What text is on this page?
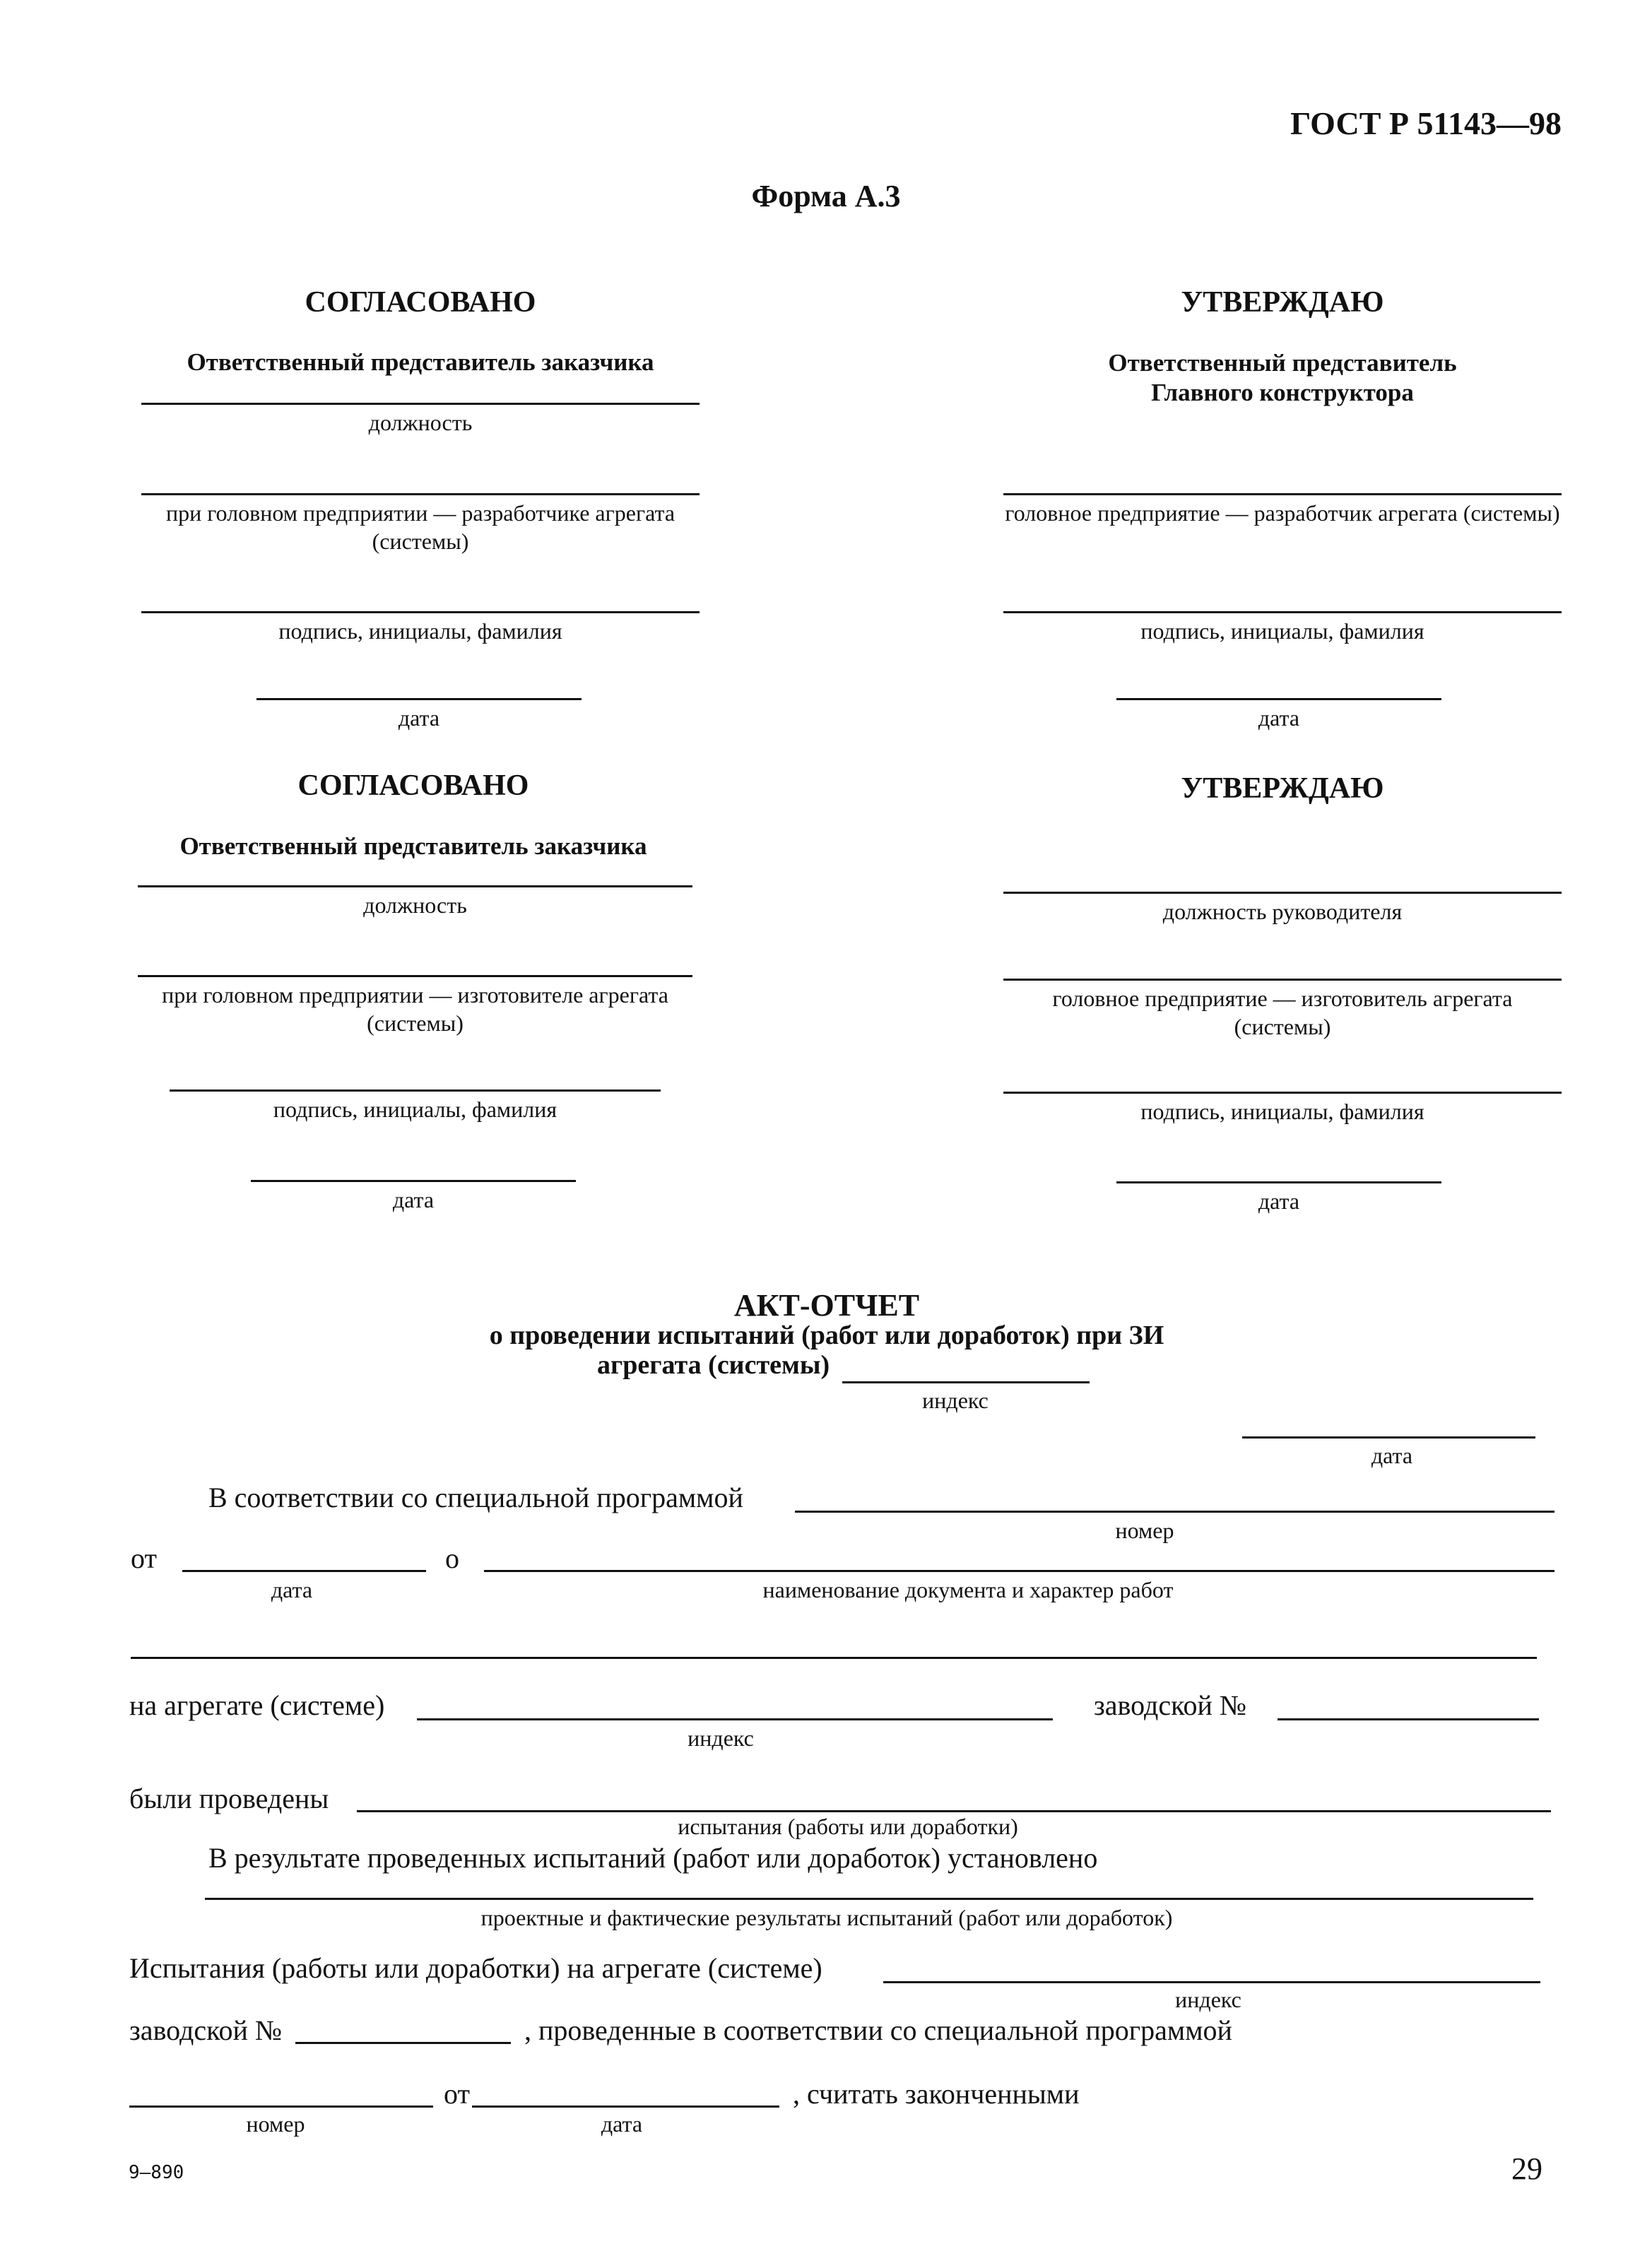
ГОСТ Р 51143—98
Форма А.3
СОГЛАСОВАНО
Ответственный представитель заказчика
должность
при головном предприятии — разработчике агрегата (системы)
подпись, инициалы, фамилия
дата
УТВЕРЖДАЮ
Ответственный представитель Главного конструктора
головное предприятие — разработчик агрегата (системы)
подпись, инициалы, фамилия
дата
СОГЛАСОВАНО
Ответственный представитель заказчика
должность
при головном предприятии — изготовителе агрегата (системы)
подпись, инициалы, фамилия
дата
УТВЕРЖДАЮ
должность руководителя
головное предприятие — изготовитель агрегата (системы)
подпись, инициалы, фамилия
дата
АКТ-ОТЧЕТ
о проведении испытаний (работ или доработок) при ЗИ
агрегата (системы)
индекс
дата
В соответствии со специальной программой
номер
от	о
дата	наименование документа и характер работ
на агрегате (системе)	заводской №
индекс
были проведены
испытания (работы или доработки)
В результате проведенных испытаний (работ или доработок) установлено
проектные и фактические результаты испытаний (работ или доработок)
Испытания (работы или доработки) на агрегате (системе)
индекс
заводской №	, проведенные в соответствии со специальной программой
от	, считать законченными
номер	дата
9—890	29
